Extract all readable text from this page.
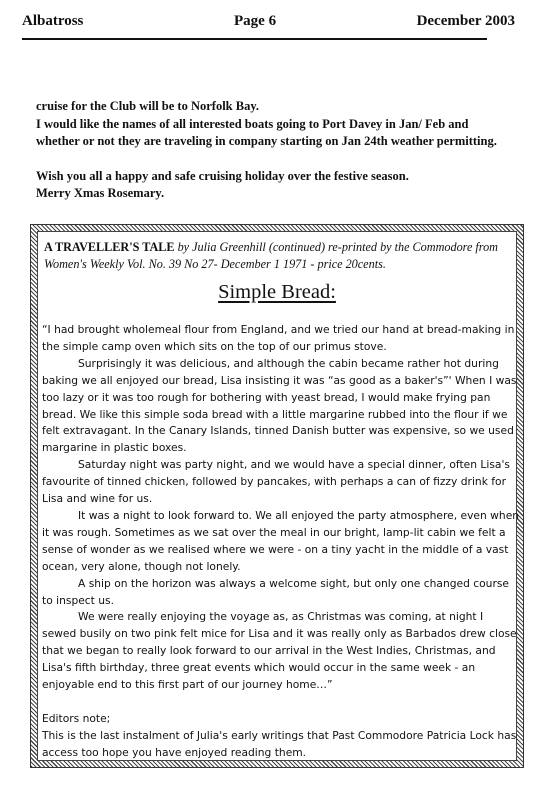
Albatross	Page 6	December 2003

cruise for the Club will be to Norfolk Bay.

I would like the names of all interested boats going to Port Davey in Jan/ Feb and whether or not they are traveling in company starting on Jan 24th weather permitting.

Wish you all a happy and safe cruising holiday over the festive season.

Merry Xmas Rosemary.

A TRAVELLER'S TALE by Julia Greenhill (continued) re-printed by the Commodore from Women's Weekly Vol. No. 39 No 27- December 1 1971 - price 20cents.
Simple Bread:

“I had brought wholemeal flour from England, and we tried our hand at bread-making in the simple camp oven which sits on the top of our primus stove.

Surprisingly it was delicious, and although the cabin became rather hot during baking we all enjoyed our bread, Lisa insisting it was “as good as a baker's”' When I was too lazy or it was too rough for bothering with yeast bread, I would make frying pan bread. We like this simple soda bread with a little margarine rubbed into the flour if we felt extravagant. In the Canary Islands, tinned Danish butter was expensive, so we used margarine in plastic boxes.

Saturday night was party night, and we would have a special dinner, often Lisa's favourite of tinned chicken, followed by pancakes, with perhaps a can of fizzy drink for Lisa and wine for us.

It was a night to look forward to. We all enjoyed the party atmosphere, even when it was rough. Sometimes as we sat over the meal in our bright, lamp-lit cabin we felt a sense of wonder as we realised where we were - on a tiny yacht in the middle of a vast ocean, very alone, though not lonely.

A ship on the horizon was always a welcome sight, but only one changed course to inspect us.

We were really enjoying the voyage as, as Christmas was coming, at night I sewed busily on two pink felt mice for Lisa and it was really only as Barbados drew close that we began to really look forward to our arrival in the West Indies, Christmas, and Lisa's fifth birthday, three great events which would occur in the same week - an enjoyable end to this first part of our journey home…”

Editors note;

This is the last instalment of Julia's early writings that Past Commodore Patricia Lock has access too hope you have enjoyed reading them.
